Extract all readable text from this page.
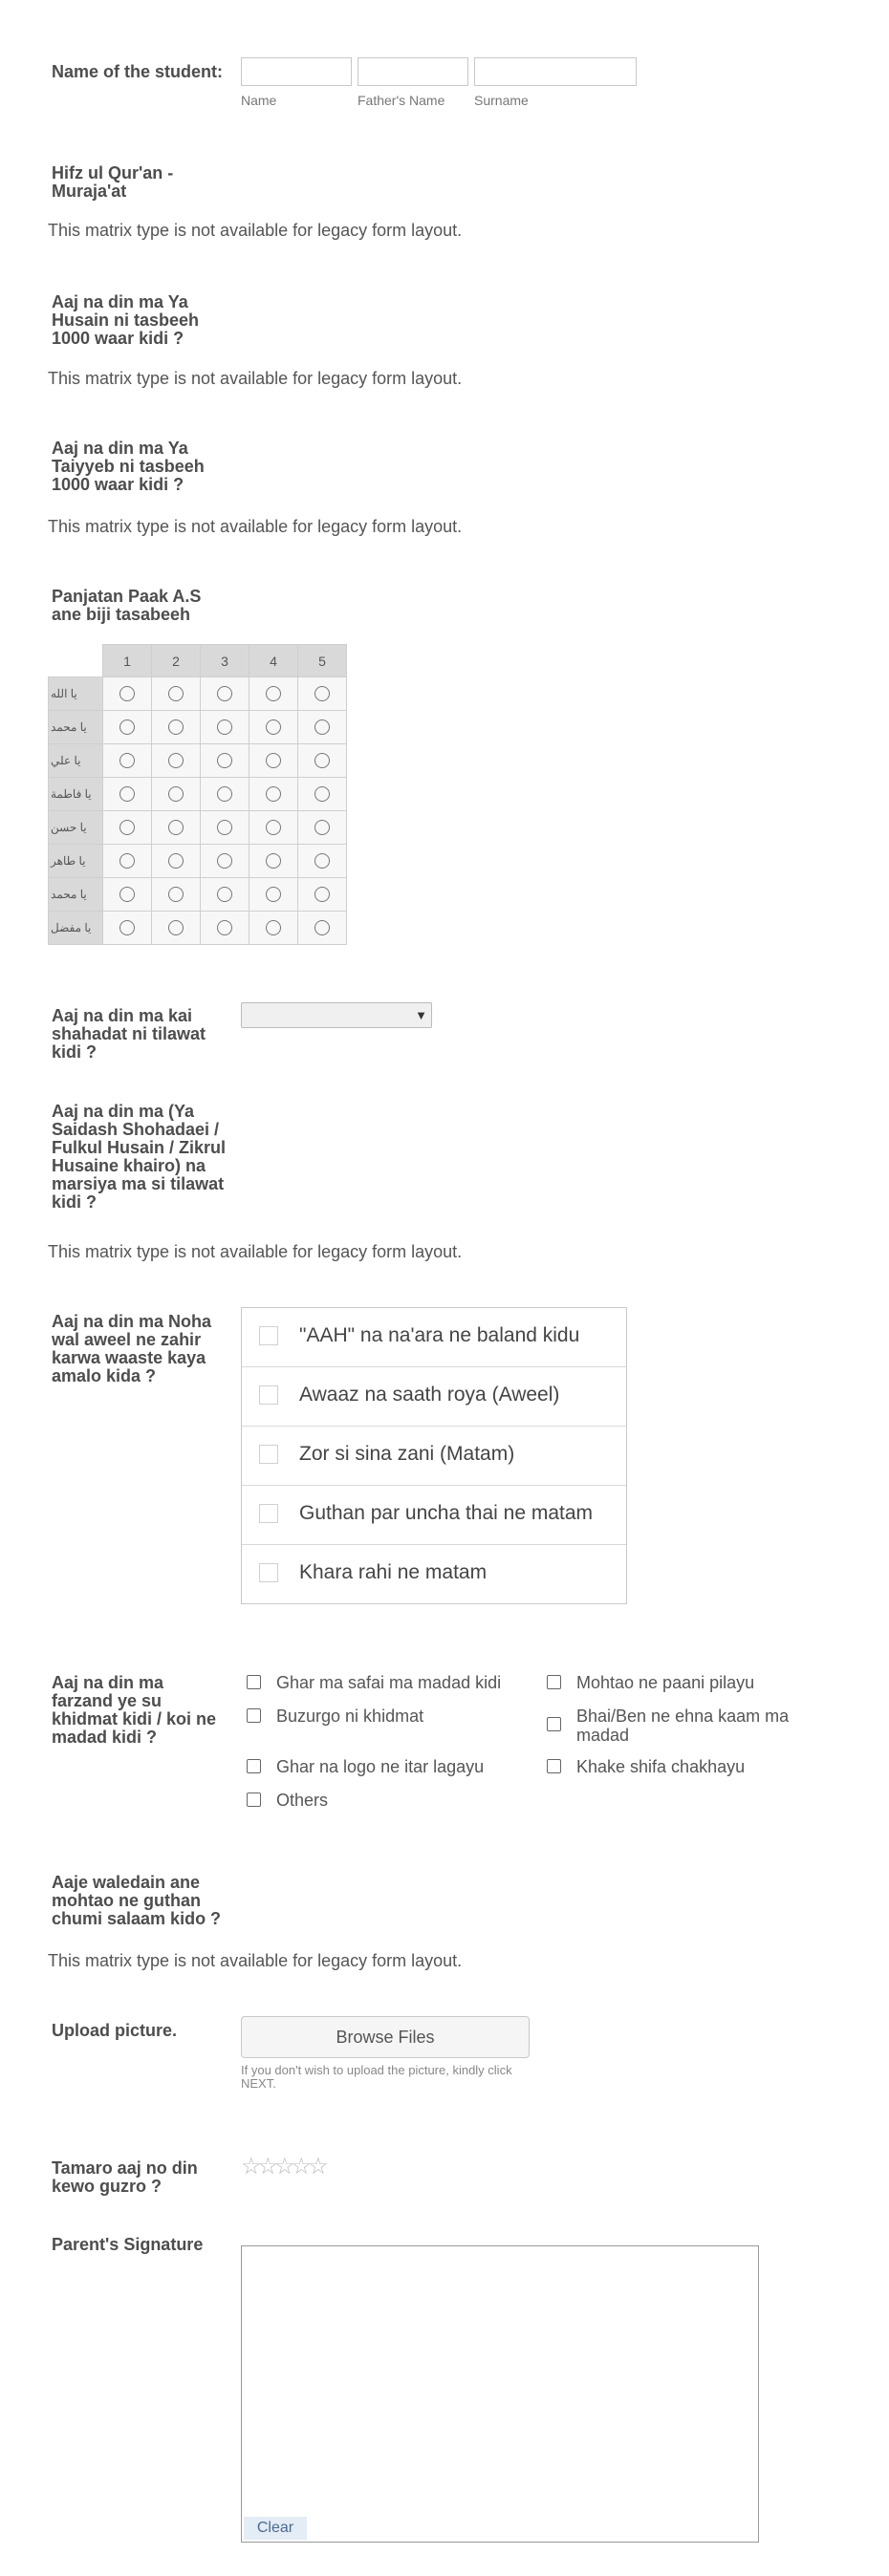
Name of the student:
Name	Father's Name Surname
Hifz ul Qur'an - Muraja'at
This matrix type is not available for legacy form layout.
Aaj na din ma Ya Husain ni tasbeeh 1000 waar kidi ?
This matrix type is not available for legacy form layout.
Aaj na din ma Ya Taiyyeb ni tasbeeh 1000 waar kidi ?
This matrix type is not available for legacy form layout.
Panjatan Paak A.S ane biji tasabeeh
	1	2	3	4	5
يا الله					
يا محمد					
يا علي					
يا فاطمة					
يا حسن					
يا طاهر					
يا محمد					
يا مفضل					
Aaj na din ma kai shahadat ni tilawat kidi ?
▼
Aaj na din ma (Ya Saidash Shohadaei / Fulkul Husain / Zikrul Husaine khairo) na marsiya ma si tilawat kidi ?
This matrix type is not available for legacy form layout.
Aaj na din ma Noha wal aweel ne zahir karwa waaste kaya amalo kida ?
"AAH" na na'ara ne baland kidu
Awaaz na saath roya (Aweel)
Zor si sina zani (Matam)
Guthan par uncha thai ne matam
Khara rahi ne matam
Aaj na din ma farzand ye su khidmat kidi / koi ne madad kidi ?
Ghar ma safai ma madad kidi	Mohtao ne paani pilayu
Buzurgo ni khidmat	Bhai/Ben ne ehna kaam ma madad
Ghar na logo ne itar lagayu	Khake shifa chakhayu
Others
Aaje waledain ane mohtao ne guthan chumi salaam kido ?
This matrix type is not available for legacy form layout.
Upload picture.	Browse Files
If you don't wish to upload the picture, kindly click NEXT.
Tamaro aaj no din kewo guzro ?
☆☆☆☆☆
Parent's Signature
Clear
